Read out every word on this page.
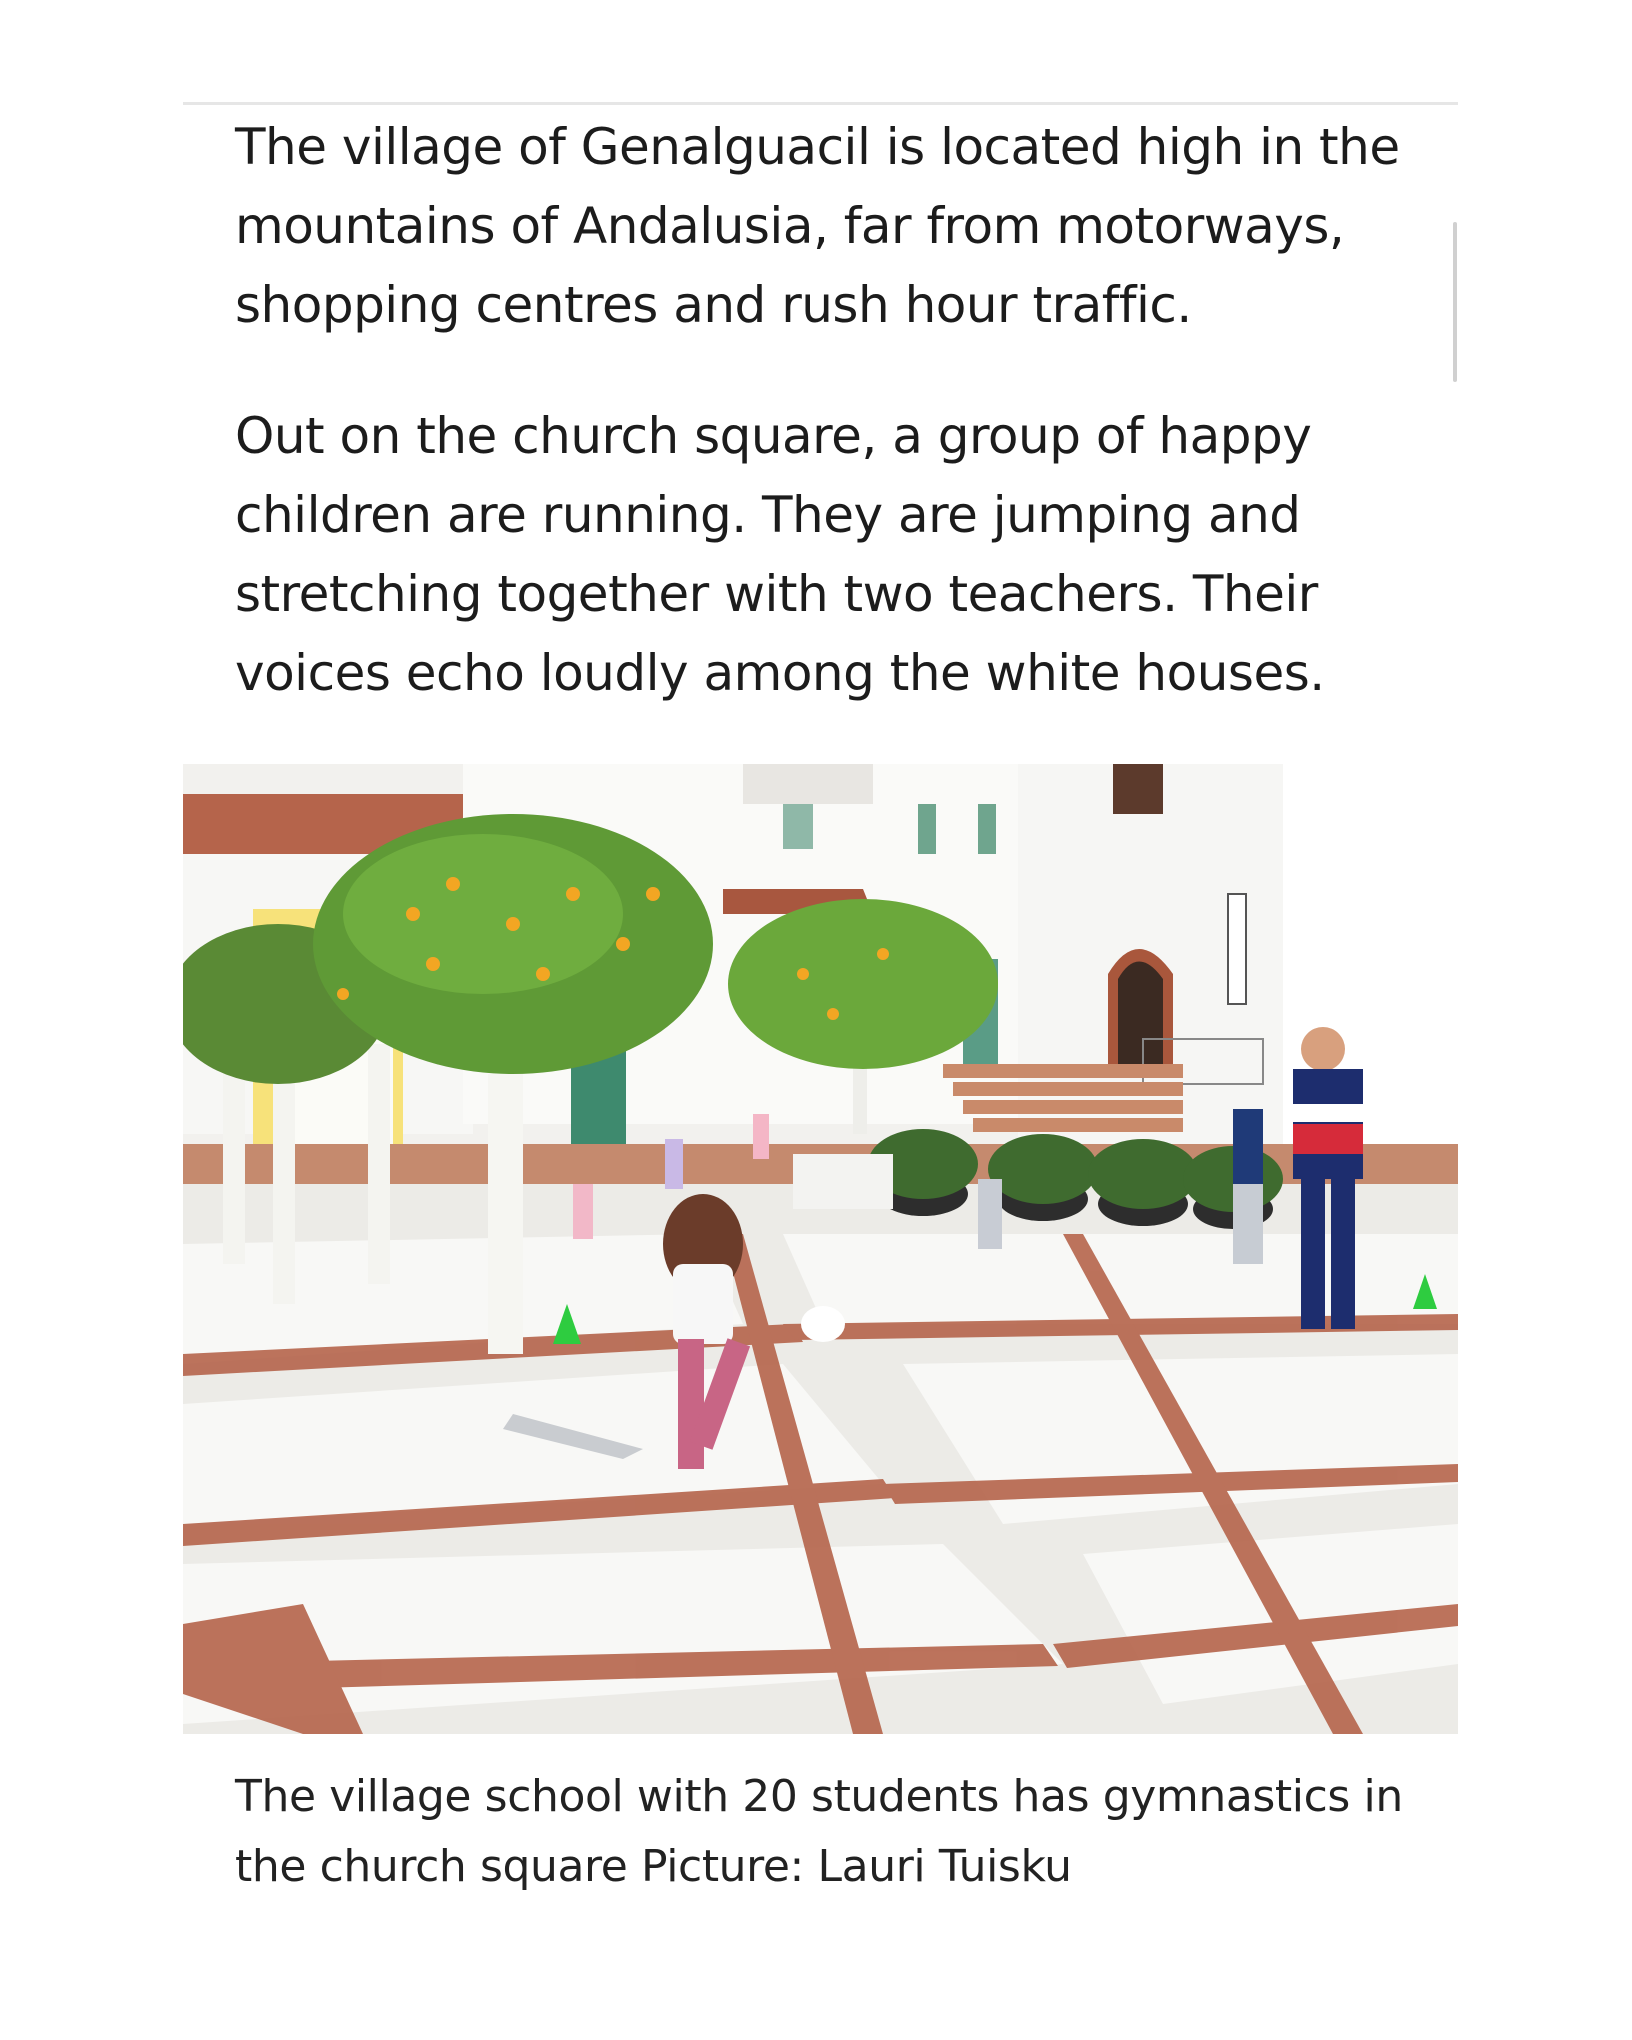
The village of Genalguacil is located high in the mountains of Andalusia, far from motorways, shopping centres and rush hour traffic.

Out on the church square, a group of happy children are running. They are jumping and stretching together with two teachers. Their voices echo loudly among the white houses.

The village school with 20 students has gymnastics in the church square Picture: Lauri Tuisku
